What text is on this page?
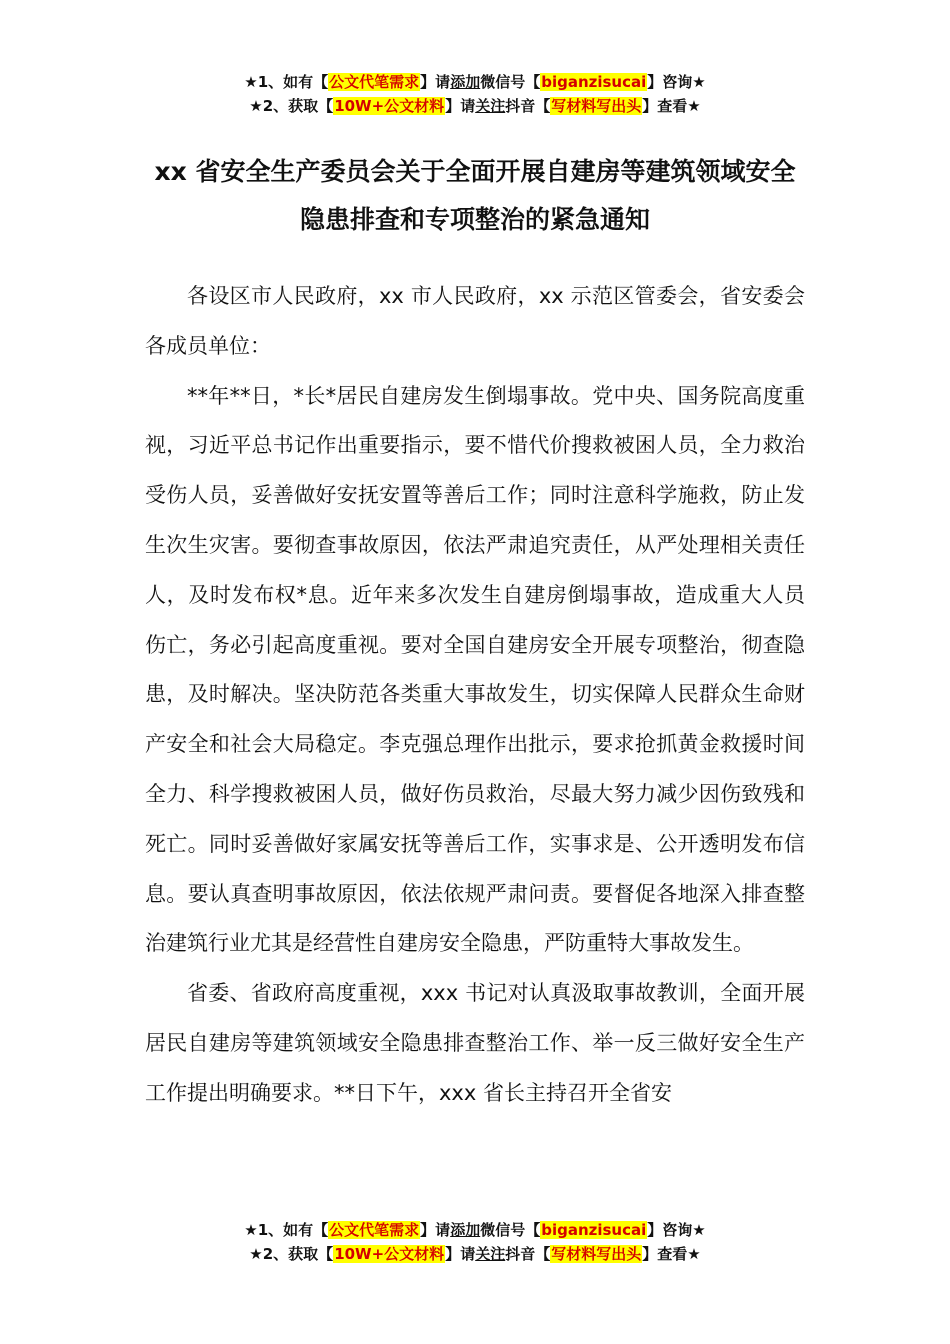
★1、如有【公文代笔需求】请添加微信号【biganzisucai】咨询★
★2、获取【10W+公文材料】请关注抖音【写材料写出头】查看★
xx 省安全生产委员会关于全面开展自建房等建筑领域安全
隐患排查和专项整治的紧急通知

各设区市人民政府，xx 市人民政府，xx 示范区管委会，省安委会各成员单位：

**年**日，*长*居民自建房发生倒塌事故。党中央、国务院高度重视，习近平总书记作出重要指示，要不惜代价搜救被困人员，全力救治受伤人员，妥善做好安抚安置等善后工作；同时注意科学施救，防止发生次生灾害。要彻查事故原因，依法严肃追究责任，从严处理相关责任人，及时发布权*息。近年来多次发生自建房倒塌事故，造成重大人员伤亡，务必引起高度重视。要对全国自建房安全开展专项整治，彻查隐患，及时解决。坚决防范各类重大事故发生，切实保障人民群众生命财产安全和社会大局稳定。李克强总理作出批示，要求抢抓黄金救援时间全力、科学搜救被困人员，做好伤员救治，尽最大努力减少因伤致残和死亡。同时妥善做好家属安抚等善后工作，实事求是、公开透明发布信息。要认真查明事故原因，依法依规严肃问责。要督促各地深入排查整治建筑行业尤其是经营性自建房安全隐患，严防重特大事故发生。

省委、省政府高度重视，xxx 书记对认真汲取事故教训，全面开展居民自建房等建筑领域安全隐患排查整治工作、举一反三做好安全生产工作提出明确要求。**日下午，xxx 省长主持召开全省安

★1、如有【公文代笔需求】请添加微信号【biganzisucai】咨询★
★2、获取【10W+公文材料】请关注抖音【写材料写出头】查看★
